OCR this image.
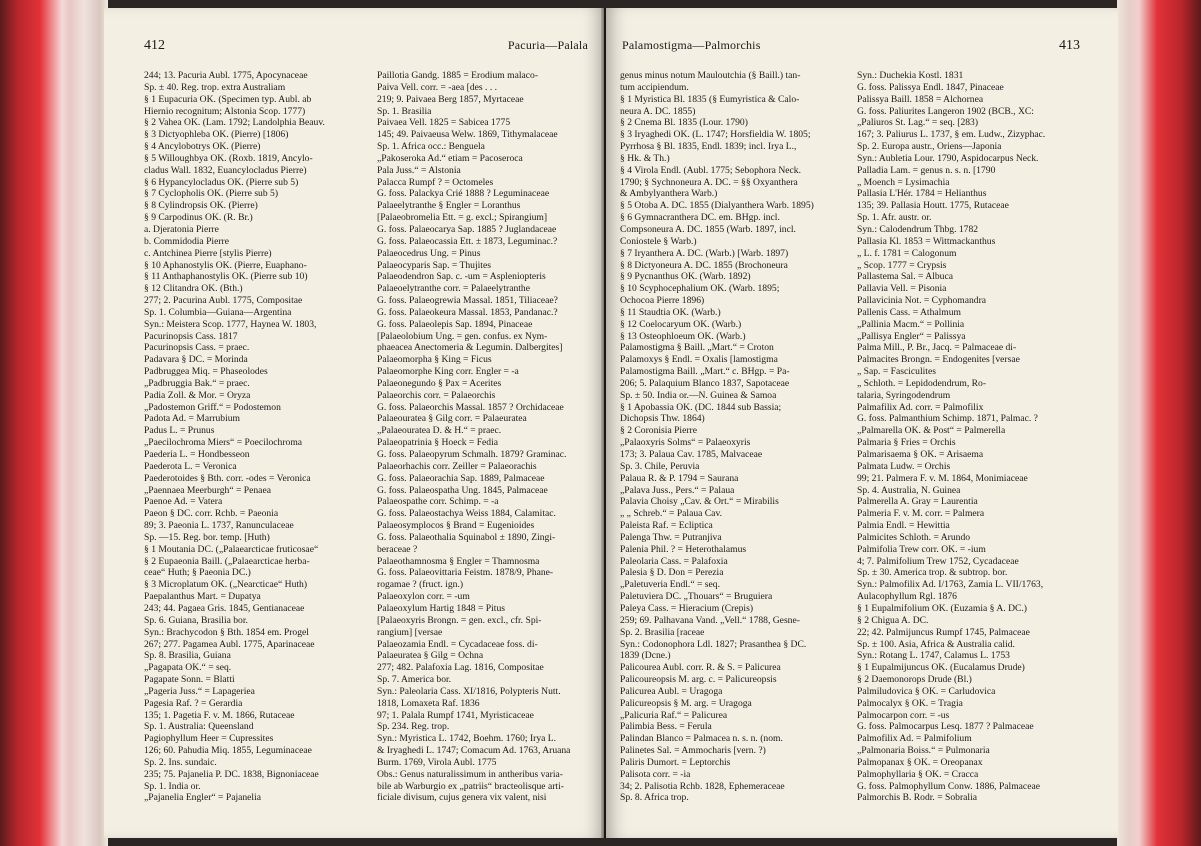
412	Pacuria—Palala
244; 13. Pacuria Aubl. 1775, Apocynaceae
Sp. ± 40. Reg. trop. extra Australiam
§ 1 Eupacuria OK. (Specimen typ. Aubl. ab
Hiernio recognitum; Alstonia Scop. 1777)
§ 2 Vahea OK. (Lam. 1792; Landolphia Beauv.
§ 3 Dictyophleba OK. (Pierre) [1806)
§ 4 Ancylobotrys OK. (Pierre)
§ 5 Willoughbya OK. (Roxb. 1819, Ancylo-
cladus Wall. 1832, Euancylocladus Pierre)
§ 6 Hypancylocladus OK. (Pierre sub 5)
§ 7 Cyclopholis OK. (Pierre sub 5)
§ 8 Cylindropsis OK. (Pierre)
§ 9 Carpodinus OK. (R. Br.)
a. Djeratonia Pierre
b. Commidodia Pierre
c. Antchinea Pierre [stylis Pierre)
§ 10 Aphanostylis OK. (Pierre, Euaphano-
§ 11 Anthaphanostylis OK. (Pierre sub 10)
§ 12 Clitandra OK. (Bth.)
277; 2. Pacurina Aubl. 1775, Compositae
Sp. 1. Columbia—Guiana—Argentina
Syn.: Meistera Scop. 1777, Haynea W. 1803,
Pacurinopsis Cass. 1817
Pacurinopsis Cass. = praec.
Padavara § DC. = Morinda
Padbruggea Miq. = Phaseolodes
„Padbruggia Bak.“ = praec.
Padia Zoll. & Mor. = Oryza
„Padostemon Griff.“ = Podostemon
Padota Ad. = Marrubium
Padus L. = Prunus
„Paecilochroma Miers“ = Poecilochroma
Paederia L. = Hondbesseon
Paederota L. = Veronica
Paederotoides § Bth. corr. -odes = Veronica
„Paennaea Meerburgh“ = Penaea
Paenoe Ad. = Vatera
Paeon § DC. corr. Rchb. = Paeonia
89; 3. Paeonia L. 1737, Ranunculaceae
Sp. —15. Reg. bor. temp. [Huth)
§ 1 Moutania DC. („Palaearcticae fruticosae“
§ 2 Eupaeonia Baill. („Palaearcticae herba-
ceae“ Huth; § Paeonia DC.)
§ 3 Microplatum OK. („Nearcticae“ Huth)
Paepalanthus Mart. = Dupatya
243; 44. Pagaea Gris. 1845, Gentianaceae
Sp. 6. Guiana, Brasilia bor.
Syn.: Brachycodon § Bth. 1854 em. Progel
267; 277. Pagamea Aubl. 1775, Aparinaceae
Sp. 8. Brasilia, Guiana
„Pagapata OK.“ = seq.
Pagapate Sonn. = Blatti
„Pageria Juss.“ = Lapageriea
Pagesia Raf. ? = Gerardia
135; 1. Pagetia F. v. M. 1866, Rutaceae
Sp. 1. Australia: Queensland
Pagiophyllum Heer = Cupressites
126; 60. Pahudia Miq. 1855, Leguminaceae
Sp. 2. Ins. sundaic.
235; 75. Pajanelia P. DC. 1838, Bignoniaceae
Sp. 1. India or.
„Pajanelia Engler“ = Pajanelia
Paillotia Gandg. 1885 = Erodium malaco-
Paiva Vell. corr. = -aea [des . . .
219; 9. Paivaea Berg 1857, Myrtaceae
Sp. 1. Brasilia
Paivaea Vell. 1825 = Sabicea 1775
145; 49. Paivaeusa Welw. 1869, Tithymalaceae
Sp. 1. Africa occ.: Benguela
„Pakoseroka Ad.“ etiam = Pacoseroca
Pala Juss.“ = Alstonia
Palacca Rumpf ? = Octomeles
G. foss. Palackya Crié 1888 ? Leguminaceae
Palaeelytranthe § Engler = Loranthus
[Palaeobromelia Ett. = g. excl.; Spirangium]
G. foss. Palaeocarya Sap. 1885 ? Juglandaceae
G. foss. Palaeocassia Ett. ± 1873, Leguminac.?
Palaeocedrus Ung. = Pinus
Palaeocyparis Sap. = Thujites
Palaeodendron Sap. c. -um = Aspleniopteris
Palaeoelytranthe corr. = Palaeelytranthe
G. foss. Palaeogrewia Massal. 1851, Tiliaceae?
G. foss. Palaeokeura Massal. 1853, Pandanac.?
G. foss. Palaeolepis Sap. 1894, Pinaceae
[Palaeolobium Ung. = gen. confus. ex Nym-
phaeacea Anectomeria & Legumin. Dalbergites]
Palaeomorpha § King = Ficus
Palaeomorphe King corr. Engler = -a
Palaeonegundo § Pax = Acerites
Palaeorchis corr. = Palaeorchis
G. foss. Palaeorchis Massal. 1857 ? Orchidaceae
Palaeouratea § Gilg corr. = Palaeuratea
„Palaeouratea D. & H.“ = praec.
Palaeopatrinia § Hoeck = Fedia
G. foss. Palaeopyrum Schmalh. 1879? Graminac.
Palaeorhachis corr. Zeiller = Palaeorachis
G. foss. Palaeorachia Sap. 1889, Palmaceae
G. foss. Palaeospatha Ung. 1845, Palmaceae
Palaeospathe corr. Schimp. = -a
G. foss. Palaeostachya Weiss 1884, Calamitac.
Palaeosymplocos § Brand = Eugenioides
G. foss. Palaeothalia Squinabol ± 1890, Zingi-
beraceae ?
Palaeothamnosma § Engler = Thamnosma
G. foss. Palaeovittaria Feistm. 1878/9, Phane-
rogamae ? (fruct. ign.)
Palaeoxylon corr. = -um
Palaeoxylum Hartig 1848 = Pitus
[Palaeoxyris Brongn. = gen. excl., cfr. Spi-
rangium] [versae
Palaeozamia Endl. = Cycadaceae foss. di-
Palaeuratea § Gilg = Ochna
277; 482. Palafoxia Lag. 1816, Compositae
Sp. 7. America bor.
Syn.: Paleolaria Cass. XI/1816, Polypteris Nutt.
1818, Lomaxeta Raf. 1836
97; 1. Palala Rumpf 1741, Myristicaceae
Sp. 234. Reg. trop.
Syn.: Myristica L. 1742, Boehm. 1760; Irya L.
& Iryaghedi L. 1747; Comacum Ad. 1763, Aruana
Burm. 1769, Virola Aubl. 1775
Obs.: Genus naturalissimum in antheribus varia-
bile ab Warburgio ex „patriis“ bracteolisque arti-
ficiale divisum, cujus genera vix valent, nisi
Palamostigma—Palmorchis	413
genus minus notum Mauloutchia (§ Baill.) tan-
tum accipiendum.
§ 1 Myristica Bl. 1835 (§ Eumyristica & Calo-
neura A. DC. 1855)
§ 2 Cnema Bl. 1835 (Lour. 1790)
§ 3 Iryaghedi OK. (L. 1747; Horsfieldia W. 1805;
Pyrrhosa § Bl. 1835, Endl. 1839; incl. Irya L.,
§ Hk. & Th.)
§ 4 Virola Endl. (Aubl. 1775; Sebophora Neck.
1790; § Sychnoneura A. DC. = §§ Oxyanthera
& Ambylyanthera Warb.)
§ 5 Otoba A. DC. 1855 (Dialyanthera Warb. 1895)
§ 6 Gymnacranthera DC. em. BHgp. incl.
Compsoneura A. DC. 1855 (Warb. 1897, incl.
Coniostele § Warb.)
§ 7 Iryanthera A. DC. (Warb.) [Warb. 1897)
§ 8 Dictyoneura A. DC. 1855 (Brochoneura
§ 9 Pycnanthus OK. (Warb. 1892)
§ 10 Scyphocephalium OK. (Warb. 1895;
Ochocoa Pierre 1896)
§ 11 Staudtia OK. (Warb.)
§ 12 Coelocaryum OK. (Warb.)
§ 13 Osteophloeum OK. (Warb.)
Palamostigma § Baill. „Mart.“ = Croton
Palamoxys § Endl. = Oxalis [lamostigma
Palamostigma Baill. „Mart.“ c. BHgp. = Pa-
206; 5. Palaquium Blanco 1837, Sapotaceae
Sp. ± 50. India or.—N. Guinea & Samoa
§ 1 Apobassia OK. (DC. 1844 sub Bassia;
Dichopsis Thw. 1864)
§ 2 Coronisia Pierre
„Palaoxyris Solms“ = Palaeoxyris
173; 3. Palaua Cav. 1785, Malvaceae
Sp. 3. Chile, Peruvia
Palaua R. & P. 1794 = Saurana
„Palava Juss., Pers.“ = Palaua
Palavia Choisy „Cav. & Ort.“ = Mirabilis
„ „ Schreb.“ = Palaua Cav.
Paleista Raf. = Ecliptica
Palenga Thw. = Putranjiva
Palenia Phil. ? = Heterothalamus
Paleolaria Cass. = Palafoxia
Palesia § D. Don = Perezia
„Paletuveria Endl.“ = seq.
Paletuviera DC. „Thouars“ = Bruguiera
Paleya Cass. = Hieracium (Crepis)
259; 69. Palhavana Vand. „Vell.“ 1788, Gesne-
Sp. 2. Brasilia [raceae
Syn.: Codonophora Ldl. 1827; Prasanthea § DC.
1839 (Dcne.)
Palicourea Aubl. corr. R. & S. = Palicurea
Palicoureopsis M. arg. c. = Palicureopsis
Palicurea Aubl. = Uragoga
Palicureopsis § M. arg. = Uragoga
„Palicuria Raf.“ = Palicurea
Palimbia Bess. = Ferula
Palindan Blanco = Palmacea n. s. n. (nom.
Palinetes Sal. = Ammocharis [vern. ?)
Paliris Dumort. = Leptorchis
Palisota corr. = -ia
34; 2. Palisotia Rchb. 1828, Ephemeraceae
Sp. 8. Africa trop.
Syn.: Duchekia Kostl. 1831
G. foss. Palissya Endl. 1847, Pinaceae
Palissya Baill. 1858 = Alchornea
G. foss. Paliurites Langeron 1902 (BCB., XC:
„Paliuros St. Lag.“ = seq. [283)
167; 3. Paliurus L. 1737, § em. Ludw., Zizyphac.
Sp. 2. Europa austr., Oriens—Japonia
Syn.: Aubletia Lour. 1790, Aspidocarpus Neck.
Palladia Lam. = genus n. s. n. [1790
„ Moench = Lysimachia
Pallasia L'Hér. 1784 = Helianthus
135; 39. Pallasia Houtt. 1775, Rutaceae
Sp. 1. Afr. austr. or.
Syn.: Calodendrum Thbg. 1782
Pallasia Kl. 1853 = Wittmackanthus
„ L. f. 1781 = Calogonum
„ Scop. 1777 = Crypsis
Pallastema Sal. = Albuca
Pallavia Vell. = Pisonia
Pallavicinia Not. = Cyphomandra
Pallenis Cass. = Athalmum
„Pallinia Macm.“ = Pollinia
„Pallisya Engler“ = Palissya
Palma Mill., P. Br., Jacq. = Palmaceae di-
Palmacites Brongn. = Endogenites [versae
„ Sap. = Fasciculites
„ Schloth. = Lepidodendrum, Ro-
talaria, Syringodendrum
Palmafilix Ad. corr. = Palmofilix
G. foss. Palmanthium Schimp. 1871, Palmac. ?
„Palmarella OK. & Post“ = Palmerella
Palmaria § Fries = Orchis
Palmarisaema § OK. = Arisaema
Palmata Ludw. = Orchis
99; 21. Palmera F. v. M. 1864, Monimiaceae
Sp. 4. Australia, N. Guinea
Palmerella A. Gray = Laurentia
Palmeria F. v. M. corr. = Palmera
Palmia Endl. = Hewittia
Palmicites Schloth. = Arundo
Palmifolia Trew corr. OK. = -ium
4; 7. Palmifolium Trew 1752, Cycadaceae
Sp. ± 30. America trop. & subtrop. bor.
Syn.: Palmofilix Ad. I/1763, Zamia L. VII/1763,
Aulacophyllum Rgl. 1876
§ 1 Eupalmifolium OK. (Euzamia § A. DC.)
§ 2 Chigua A. DC.
22; 42. Palmijuncus Rumpf 1745, Palmaceae
Sp. ± 100. Asia, Africa & Australia calid.
Syn.: Rotang L. 1747, Calamus L. 1753
§ 1 Eupalmijuncus OK. (Eucalamus Drude)
§ 2 Daemonorops Drude (Bl.)
Palmiludovica § OK. = Carludovica
Palmocalyx § OK. = Tragia
Palmocarpon corr. = -us
G. foss. Palmocarpus Lesq. 1877 ? Palmaceae
Palmofilix Ad. = Palmifolium
„Palmonaria Boiss.“ = Pulmonaria
Palmopanax § OK. = Oreopanax
Palmophyllaria § OK. = Cracca
G. foss. Palmophyllum Conw. 1886, Palmaceae
Palmorchis B. Rodr. = Sobralia
